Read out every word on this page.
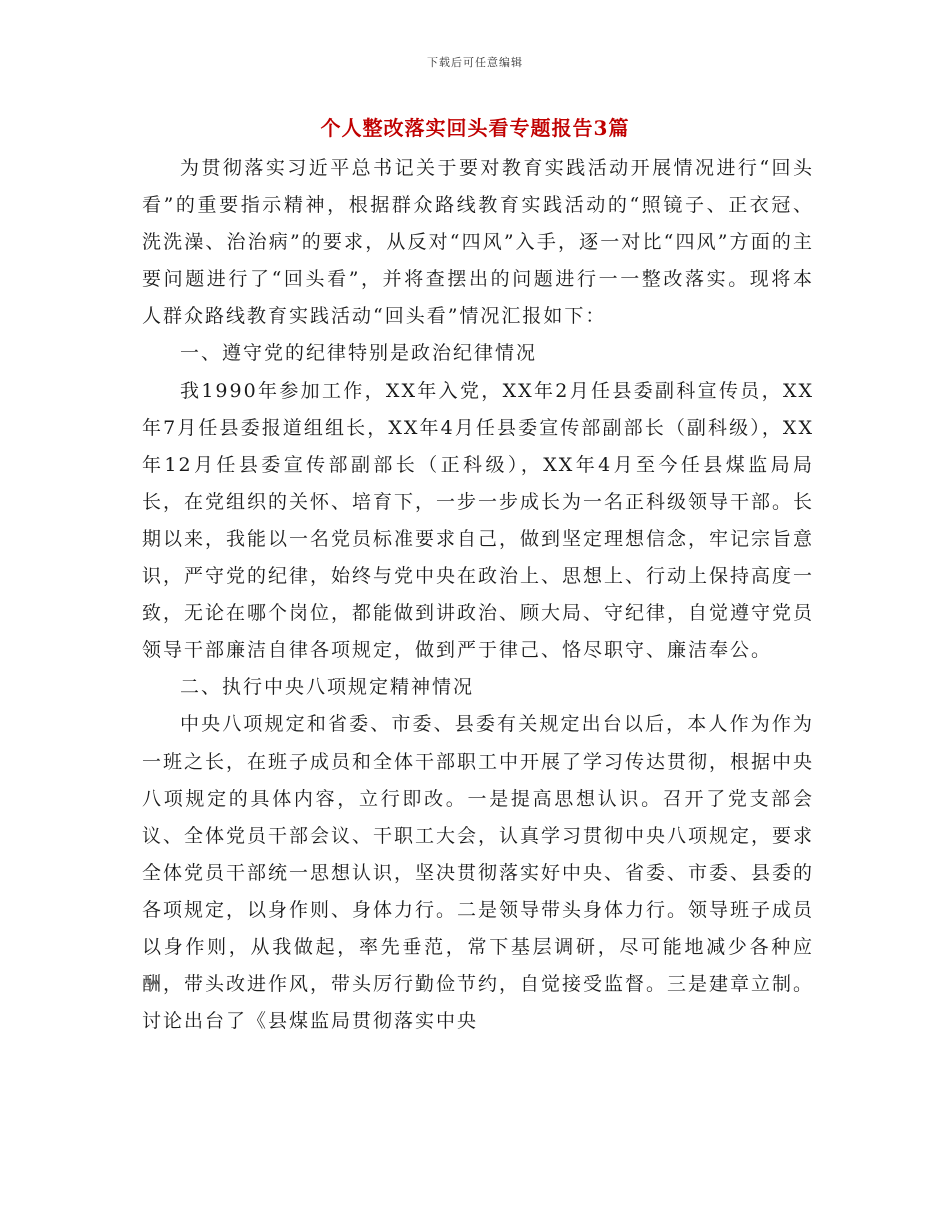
下载后可任意编辑
个人整改落实回头看专题报告3篇

为贯彻落实习近平总书记关于要对教育实践活动开展情况进行“回头看”的重要指示精神，根据群众路线教育实践活动的“照镜子、正衣冠、洗洗澡、治治病”的要求，从反对“四风”入手，逐一对比“四风”方面的主要问题进行了“回头看”，并将查摆出的问题进行一一整改落实。现将本人群众路线教育实践活动“回头看”情况汇报如下：

一、遵守党的纪律特别是政治纪律情况

我1990年参加工作，XX年入党，XX年2月任县委副科宣传员，XX年7月任县委报道组组长，XX年4月任县委宣传部副部长（副科级），XX年12月任县委宣传部副部长（正科级），XX年4月至今任县煤监局局长，在党组织的关怀、培育下，一步一步成长为一名正科级领导干部。长期以来，我能以一名党员标准要求自己，做到坚定理想信念，牢记宗旨意识，严守党的纪律，始终与党中央在政治上、思想上、行动上保持高度一致，无论在哪个岗位，都能做到讲政治、顾大局、守纪律，自觉遵守党员领导干部廉洁自律各项规定，做到严于律己、恪尽职守、廉洁奉公。

二、执行中央八项规定精神情况

中央八项规定和省委、市委、县委有关规定出台以后，本人作为作为一班之长，在班子成员和全体干部职工中开展了学习传达贯彻，根据中央八项规定的具体内容，立行即改。一是提高思想认识。召开了党支部会议、全体党员干部会议、干职工大会，认真学习贯彻中央八项规定，要求全体党员干部统一思想认识，坚决贯彻落实好中央、省委、市委、县委的各项规定，以身作则、身体力行。二是领导带头身体力行。领导班子成员以身作则，从我做起，率先垂范，常下基层调研，尽可能地减少各种应酬，带头改进作风，带头厉行勤俭节约，自觉接受监督。三是建章立制。讨论出台了《县煤监局贯彻落实中央
